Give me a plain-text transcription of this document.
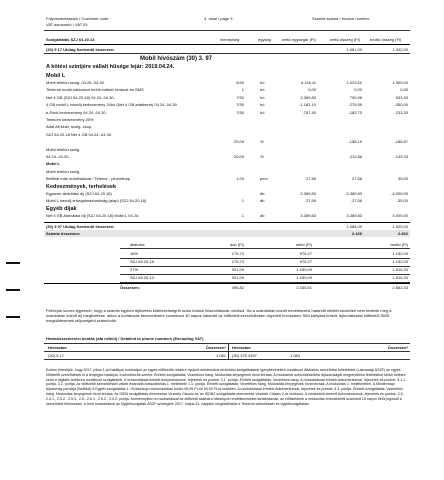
Folyószámlaszám / Customer code :
VAT-azonosító / VAT ID:
3. oldal / page 3	Számla száma / Invoice number:
Szolgáltatás SZJ 64.20.13	mennyiség	egység	nettó egységár (Ft)	nettó összeg (Ft) bruttó összeg (Ft)
(20) 5 17 Utólag fizetendő összesen:	1.081,00	1.342,00
Mobil hívószám (30) 3. 97
A kötési szintjére vállalt hűsége lejár: 2019.04.24.
Mobil L
Mobil telefon szolg. 04.25.-04.30.	6/30	hó	5.118,11	1.023,62	1.300,00
Telekom mobil hálózaton belüli indított hívások és SMS	1	hó	0,00	0,00	0,00
Net 4 GB (SZJ 64.20.18) 04.24.-04.30.	7/30	hó	3.389,83	790,96	933,33
4 GB mobil L havidíj kedvezmény 24hó (Net 4 GB adatkeret) 04.24.-04.30.	7/30	hó	-1.181,10	-275,59	-350,00
e-Pack kedvezmény 04.24.-04.30.	7/30	hó	-787,40	-183,73	-233,33
Telekom kedvezmény 20%
Adat All kedv. szolg. csop.
SZJ 64.20.18 Net 4 GB 04.24.-04.30.
20,00	%	-158,19	-186,67
Mobil telefon szolg.
04.24.-04.30.	20,00	%	-112,86	-143,33
Mobil L
Mobil telefon szolg.
Belföldi más mobilhálózat / Telenor - pihenőnap	1,00	perc	27,56	27,56	35,00
Kedvezmények, terhelések
Egyszeri aktiválási díj (SZJ 64.20.18)	db	-3.389,83	-3.389,83	-4.000,00
Mobil L havidíj leforgalmazhatóság (alap) (SZJ 64.20.18)	1	db	-27,56	-27,56	-35,00
Egyéb díjak
Net 4 GB Aktiválási díj (SZJ 64.20.18) Mobil L 04.24.	1	db	3.389,83	3.389,83	4.000,00
(30) 3 97 Utólag fizetendő összesen:	1.084,00	1.320,00
Számla összesen:	2.166	2.662
áfakulcs	adó (Ft)	nettó (Ft)	bruttó (Ft)
18%	175,73	976,27	1.152,00
SZJ 64.20.18	175,73	976,27	1.152,00
27%	321,09	1.189,09	1.510,33
SZJ 64.20.13	321,09	1.189,09	1.510,33
Összesen:	496,82	2.165,51	2.662,33
Felhívjuk szíves figyelmét, hogy a számla egyben díjfizetési kötelezettségről szóló fontosi felszólításnak minősül. Ha a számlában közölt bevételezési határidő elteltét követően nem történik meg a számlában közölt díj megfizetése, akkor a korlátozás bevezetésére vonatkozó 30 napos határidő az előfizetői szerződésben rögzített hívószámú SIM kártyára külsőt, díjkorlátozást előfizetői SMS megküldésének időpontjától számítódik.
Hívásösszemérési bontás (áfa nélkül) / Detailed to phone numbers (Excluding VAT)
Hívószám	Összesen* Hívószám	Összesen*
(20) 5 17	1.081 (30) 375 4397	1.084
Ezúton értesítjük, hogy 2017. július 1-jei hatállyal módosítjuk az egyes előfizetők részére nyújtott elektronikus hírközlési szolgáltatások igénybevételére vonatkozó Általános szerződési feltételeket (Lakossági ÁSZF) az egyes előfizetői szerződések is a lényeges hatállyal, a következők szerint: Érintett szolgáltatás: Vezetékes hang. Módosítás lényegének rövid leírása: A módosított szerződéskötési díjszámságát megrendelési feltételeket külső törlésre kerül a digitális telefonra vonatkozó szolgáltatók. A módosítással érintett dokumentumok, fejezetek és pontok: 3.1. pontja. Érintett szolgáltatás: Vezetékes hang. A módosítással érintett dokumentumok, fejezetek és pontok: 3.1.1. pontja, 3.2. pontja, Az előfizetői szerződéssel vállalt lezáróidő-hosszabbítás 1. melléklete 1.1. pontja. Érintett szolgáltatás: Vezetékes hang. Módosítás lényegének rövid leírása: A módosítás 1. mellékletben. A Mindennapi díjcsomag percdíja (Belföldi) 8 Egyéb szolgáltatás 1. Hívásirányú csúszósávban bruttó 55,95 Ft-ról 94,93 Ft-ra csökken. A módosítással érintett dokumentumok, fejezetek és pontok: 4.3. pontja. Érintett szolgáltatás: Vezetékes hang. Módosítás lényegének rövid leírása: Az ISDN szolgáltatás elnevezése Vezeték Classic-ra, az ISDN2 szolgáltatás elnevezése Vezeték Classic 2-re módosul. A módosított kiemelt dokumentumok, fejezetek és pontok: 2.5., 2.5.1., 2.5.2., 2.5.3., 2.6., 2.6.1., 2.6.2., 3.4.3. pontja. Ammennyiben a módosítással az előfizető számára hátrányos rendelkezéseket tartalmaznak, az előfizetőnek a módosítás értesítésétől számított 15 napon belül jogosult a szerződést felmondani. A fenti módosítások az Ügyfélszolgálati ÁSZF szövegére 2017. május 31. napjától megtalálhatók a Telekom weboldalain és ügyfélszolgálatain.
